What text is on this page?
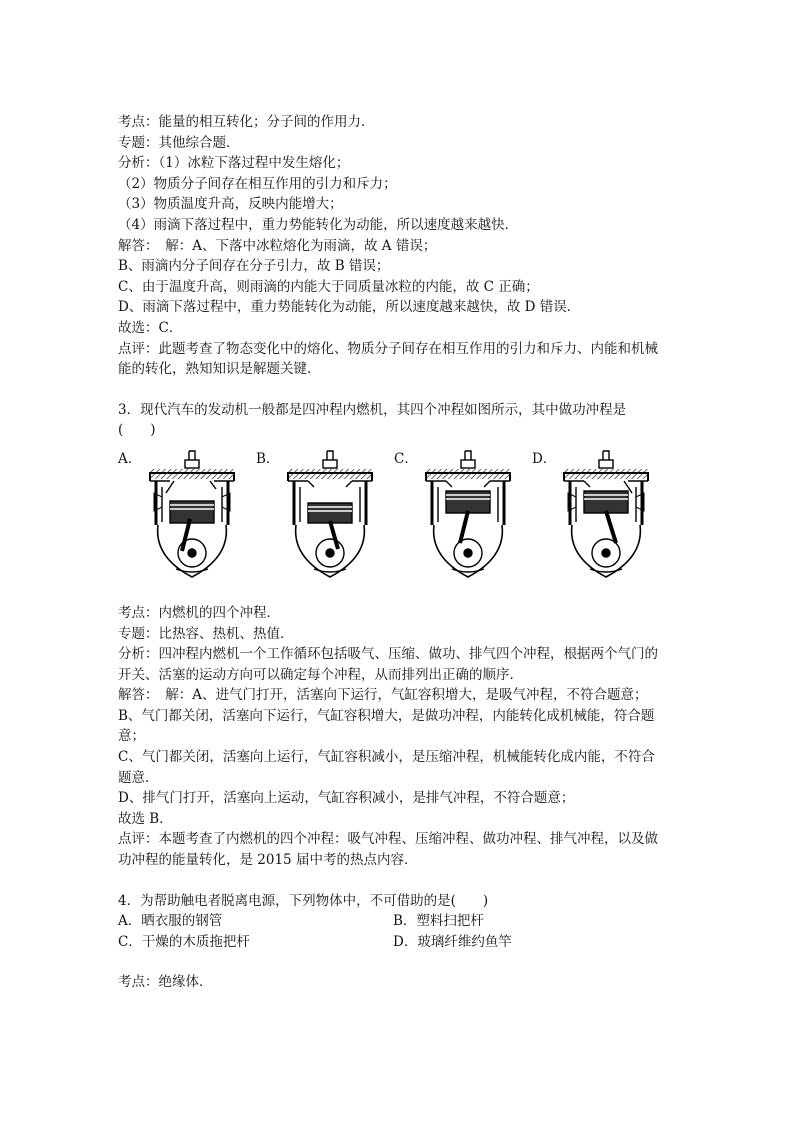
考点：能量的相互转化；分子间的作用力．
专题：其他综合题．
分析：（1）冰粒下落过程中发生熔化；
（2）物质分子间存在相互作用的引力和斥力；
（3）物质温度升高，反映内能增大；
（4）雨滴下落过程中，重力势能转化为动能，所以速度越来越快．
解答：　解：A、下落中冰粒熔化为雨滴，故 A 错误；
B、雨滴内分子间存在分子引力，故 B 错误；
C、由于温度升高，则雨滴的内能大于同质量冰粒的内能，故 C 正确；
D、雨滴下落过程中，重力势能转化为动能，所以速度越来越快，故 D 错误．
故选：C．
点评：此题考查了物态变化中的熔化、物质分子间存在相互作用的引力和斥力、内能和机械
能的转化，熟知知识是解题关键．
3．现代汽车的发动机一般都是四冲程内燃机，其四个冲程如图所示，其中做功冲程是
(　　)
A．	B．	C．	D．
考点：内燃机的四个冲程．
专题：比热容、热机、热值．
分析：四冲程内燃机一个工作循环包括吸气、压缩、做功、排气四个冲程，根据两个气门的
开关、活塞的运动方向可以确定每个冲程，从而排列出正确的顺序．
解答：　解：A、进气门打开，活塞向下运行，气缸容积增大，是吸气冲程，不符合题意；
B、气门都关闭，活塞向下运行，气缸容积增大，是做功冲程，内能转化成机械能，符合题
意；
C、气门都关闭，活塞向上运行，气缸容积减小，是压缩冲程，机械能转化成内能，不符合
题意．
D、排气门打开，活塞向上运动，气缸容积减小，是排气冲程，不符合题意；
故选 B．
点评：本题考查了内燃机的四个冲程：吸气冲程、压缩冲程、做功冲程、排气冲程，以及做
功冲程的能量转化，是 2015 届中考的热点内容．
4．为帮助触电者脱离电源，下列物体中，不可借助的是(　　)
A．晒衣服的钢管	B．塑料扫把杆
C．干燥的木质拖把杆	D．玻璃纤维约鱼竿
考点：绝缘体．
